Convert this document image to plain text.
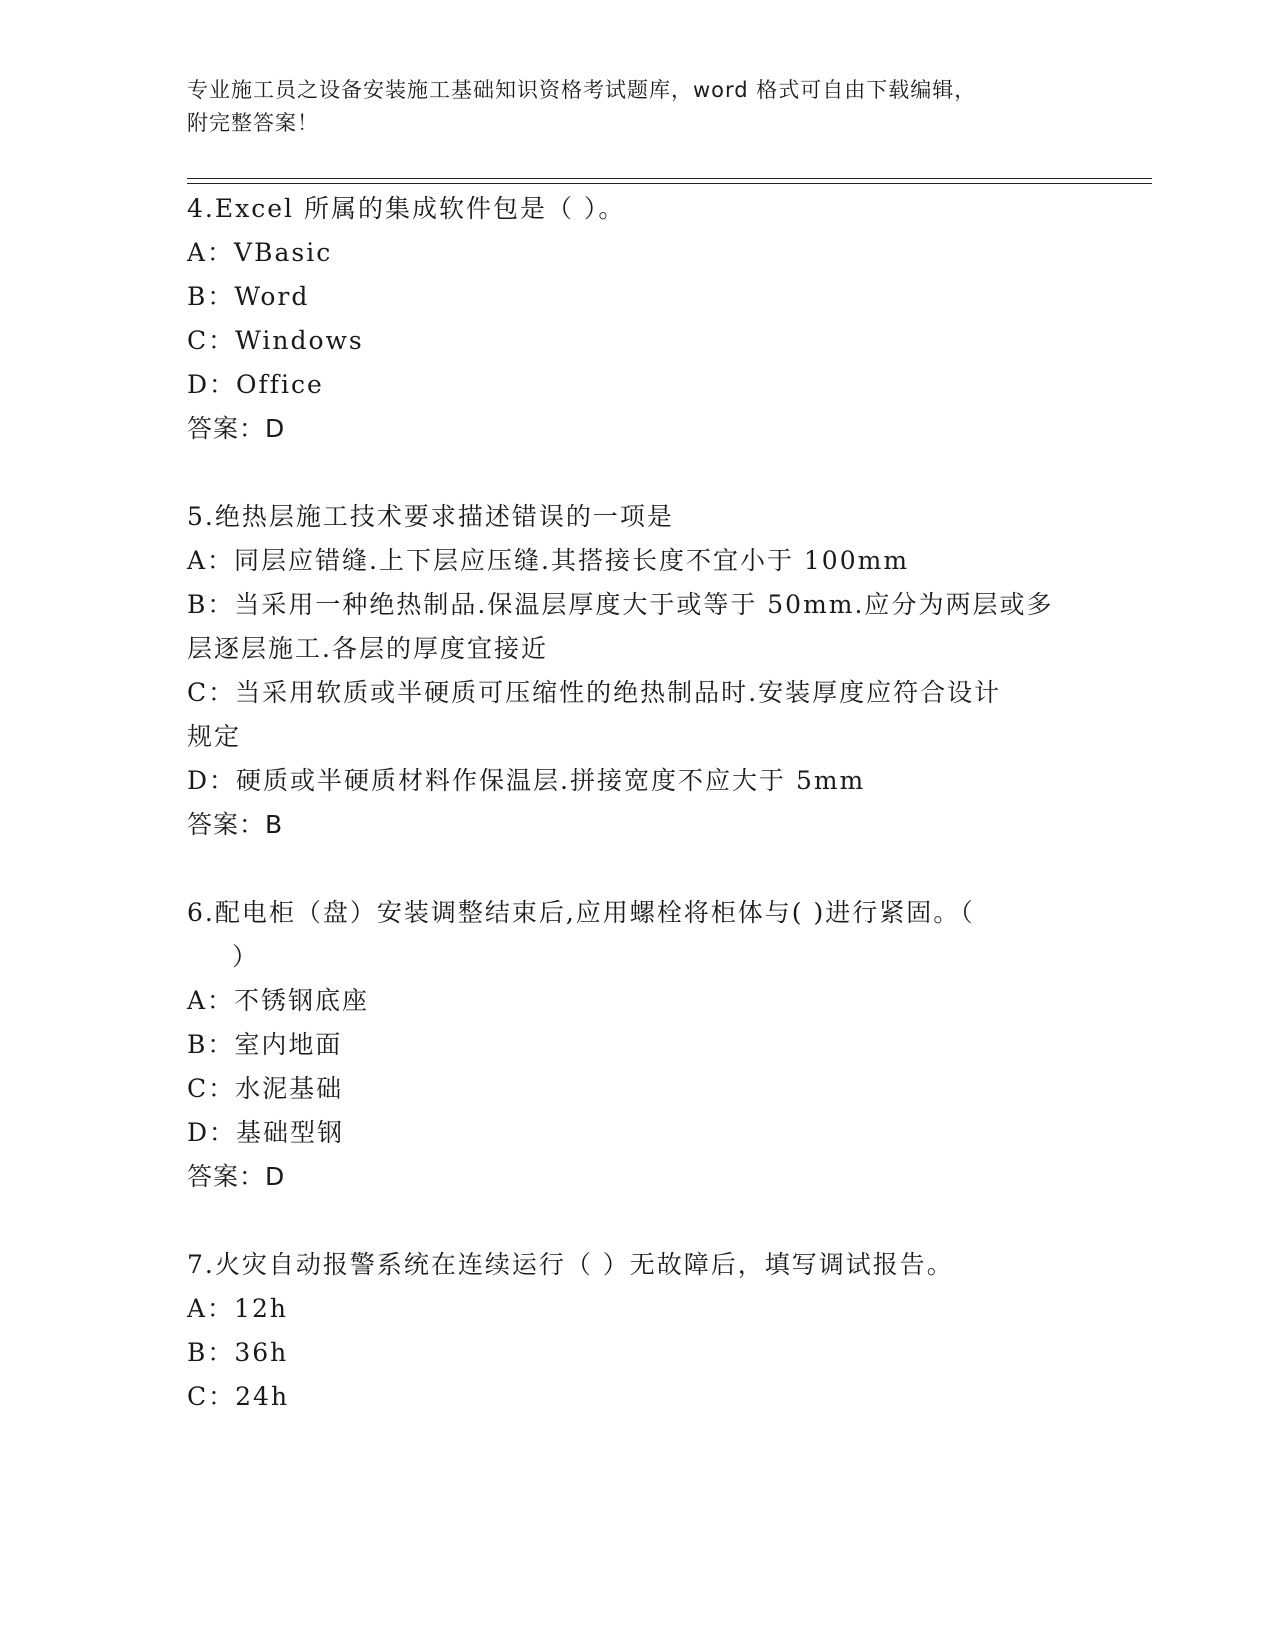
专业施工员之设备安装施工基础知识资格考试题库，word 格式可自由下载编辑，
附完整答案！
4.Excel 所属的集成软件包是（ ）。
A：VBasic
B：Word
C：Windows
D：Office
答案：D
5.绝热层施工技术要求描述错误的一项是
A：同层应错缝.上下层应压缝.其搭接长度不宜小于 100mm
B：当采用一种绝热制品.保温层厚度大于或等于 50mm.应分为两层或多
层逐层施工.各层的厚度宜接近
C：当采用软质或半硬质可压缩性的绝热制品时.安装厚度应符合设计
规定
D：硬质或半硬质材料作保温层.拼接宽度不应大于 5mm
答案：B
6.配电柜（盘）安装调整结束后,应用螺栓将柜体与( )进行紧固。（
）
A：不锈钢底座
B：室内地面
C：水泥基础
D：基础型钢
答案：D
7.火灾自动报警系统在连续运行（ ）无故障后，填写调试报告。
A：12h
B：36h
C：24h
